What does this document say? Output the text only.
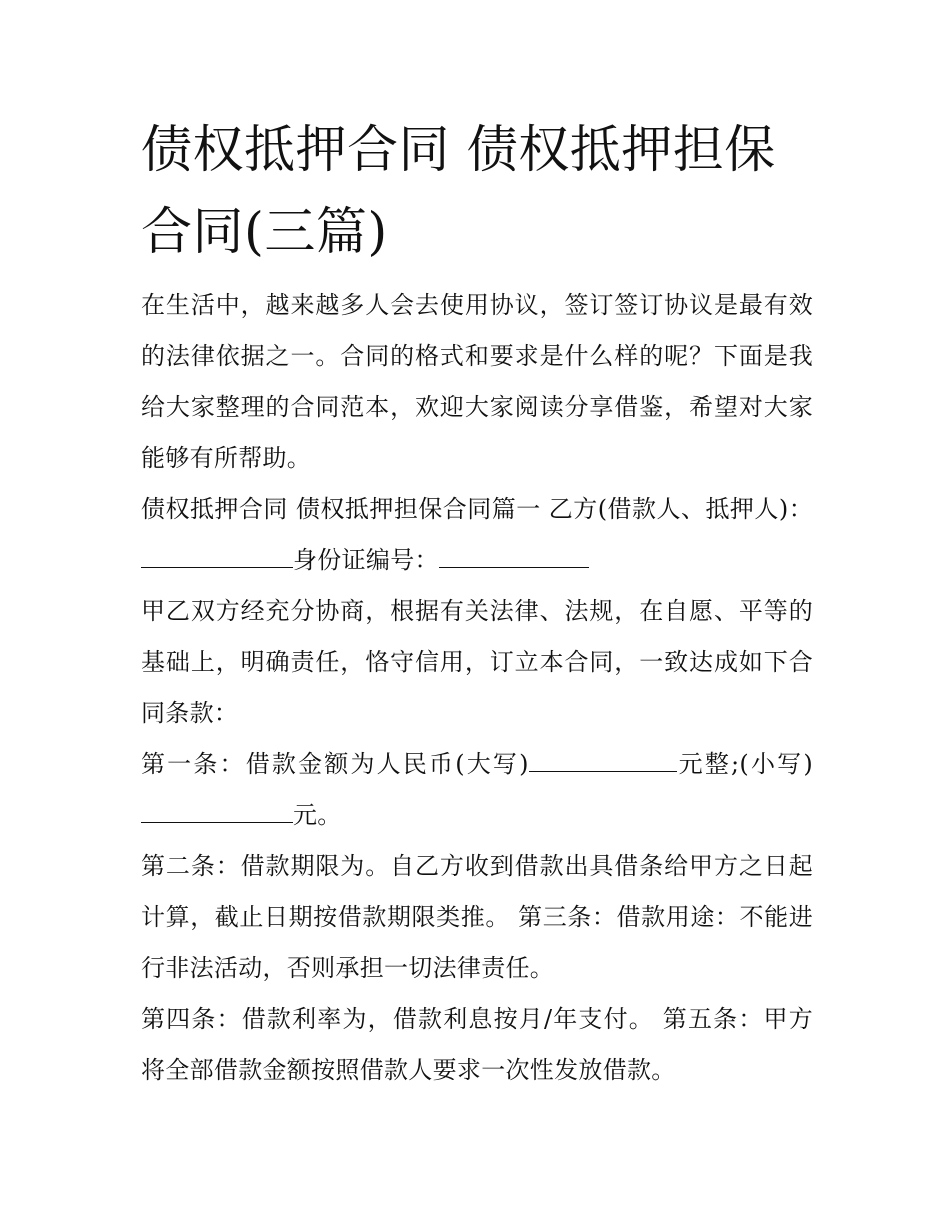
债权抵押合同 债权抵押担保合同(三篇)

在生活中，越来越多人会去使用协议，签订签订协议是最有效的法律依据之一。合同的格式和要求是什么样的呢？下面是我给大家整理的合同范本，欢迎大家阅读分享借鉴，希望对大家能够有所帮助。

债权抵押合同 债权抵押担保合同篇一 乙方(借款人、抵押人)：身份证编号：

甲乙双方经充分协商，根据有关法律、法规，在自愿、平等的基础上，明确责任，恪守信用，订立本合同，一致达成如下合同条款：

第一条：借款金额为人民币(大写)	元整;(小写)元。

第二条：借款期限为。自乙方收到借款出具借条给甲方之日起计算，截止日期按借款期限类推。 第三条：借款用途：不能进行非法活动，否则承担一切法律责任。

第四条：借款利率为，借款利息按月/年支付。 第五条：甲方将全部借款金额按照借款人要求一次性发放借款。
